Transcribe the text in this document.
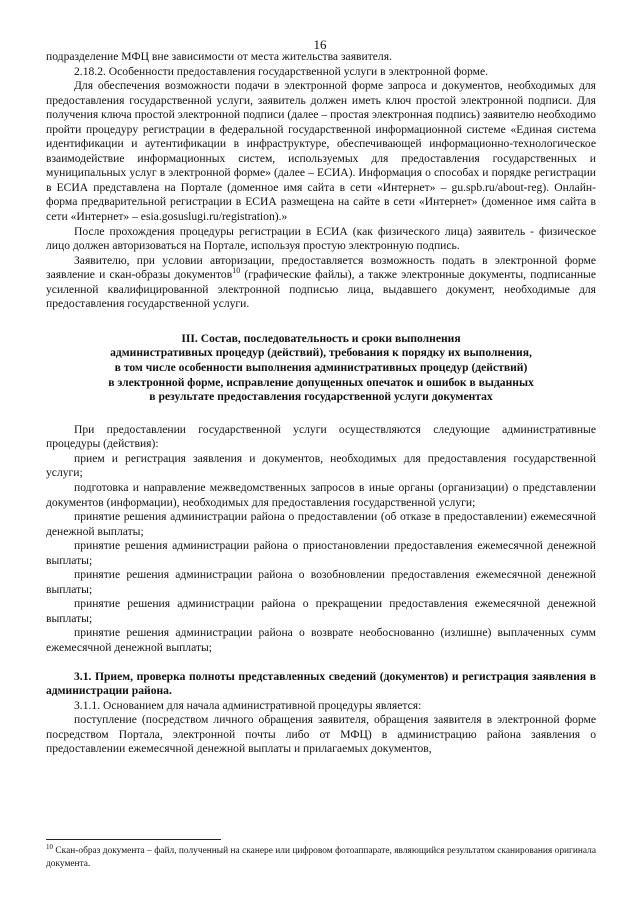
16

подразделение МФЦ вне зависимости от места жительства заявителя.

2.18.2. Особенности предоставления государственной услуги в электронной форме.

Для обеспечения возможности подачи в электронной форме запроса и документов, необходимых для предоставления государственной услуги, заявитель должен иметь ключ простой электронной подписи. Для получения ключа простой электронной подписи (далее – простая электронная подпись) заявителю необходимо пройти процедуру регистрации в федеральной государственной информационной системе «Единая система идентификации и аутентификации в инфраструктуре, обеспечивающей информационно-технологическое взаимодействие информационных систем, используемых для предоставления государственных и муниципальных услуг в электронной форме» (далее – ЕСИА). Информация о способах и порядке регистрации в ЕСИА представлена на Портале (доменное имя сайта в сети «Интернет» – gu.spb.ru/about-reg). Онлайн-форма предварительной регистрации в ЕСИА размещена на сайте в сети «Интернет» (доменное имя сайта в сети «Интернет» – esia.gosuslugi.ru/registration).»

После прохождения процедуры регистрации в ЕСИА (как физического лица) заявитель - физическое лицо должен авторизоваться на Портале, используя простую электронную подпись.

Заявителю, при условии авторизации, предоставляется возможность подать в электронной форме заявление и скан-образы документов$^{10}$ (графические файлы), а также электронные документы, подписанные усиленной квалифицированной электронной подписью лица, выдавшего документ, необходимые для предоставления государственной услуги.

III. Состав, последовательность и сроки выполнения
административных процедур (действий), требования к порядку их выполнения,
в том числе особенности выполнения административных процедур (действий)
в электронной форме, исправление допущенных опечаток и ошибок в выданных
в результате предоставления государственной услуги документах

При предоставлении государственной услуги осуществляются следующие административные процедуры (действия):

прием и регистрация заявления и документов, необходимых для предоставления государственной услуги;

подготовка и направление межведомственных запросов в иные органы (организации) о представлении документов (информации), необходимых для предоставления государственной услуги;

принятие решения администрации района о предоставлении (об отказе в предоставлении) ежемесячной денежной выплаты;

принятие решения администрации района о приостановлении предоставления ежемесячной денежной выплаты;

принятие решения администрации района о возобновлении предоставления ежемесячной денежной выплаты;

принятие решения администрации района о прекращении предоставления ежемесячной денежной выплаты;

принятие решения администрации района о возврате необоснованно (излишне) выплаченных сумм ежемесячной денежной выплаты;

3.1. Прием, проверка полноты представленных сведений (документов) и регистрация заявления в администрации района.

3.1.1. Основанием для начала административной процедуры является:

поступление (посредством личного обращения заявителя, обращения заявителя в электронной форме посредством Портала, электронной почты либо от МФЦ) в администрацию района заявления о предоставлении ежемесячной денежной выплаты и прилагаемых документов,

$^{10}$ Скан-образ документа – файл, полученный на сканере или цифровом фотоаппарате, являющийся результатом сканирования оригинала документа.
